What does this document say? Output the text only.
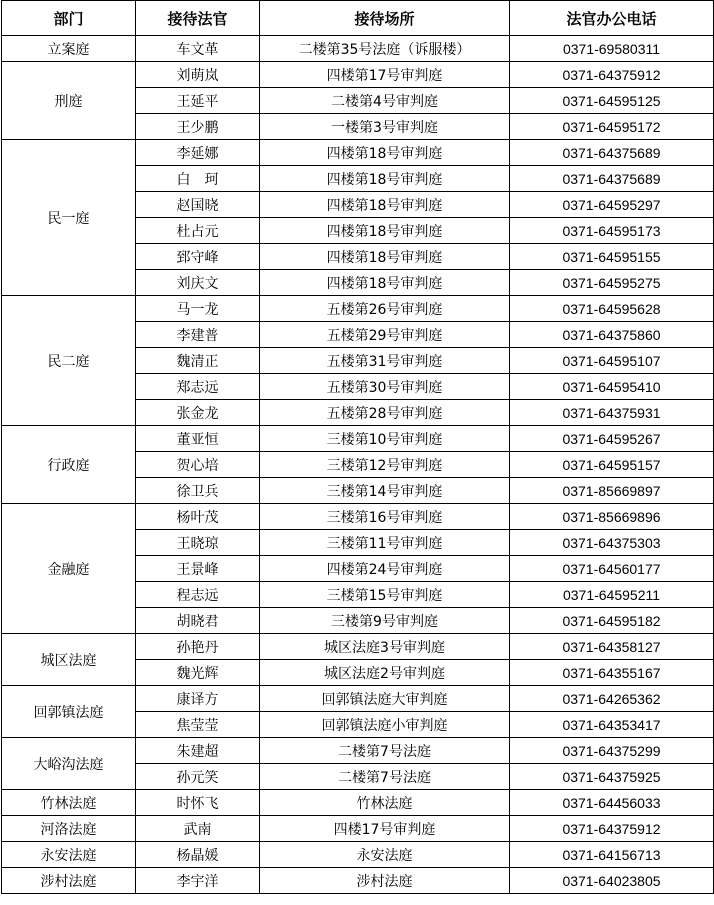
部门	接待法官	接待场所	法官办公电话
立案庭	车文革	二楼第35号法庭（诉服楼）	0371-69580311
刑庭	刘萌岚	四楼第17号审判庭	0371-64375912
	王延平	二楼第4号审判庭	0371-64595125
	王少鹏	一楼第3号审判庭	0371-64595172
民一庭	李延娜	四楼第18号审判庭	0371-64375689
	白　珂	四楼第18号审判庭	0371-64375689
	赵国晓	四楼第18号审判庭	0371-64595297
	杜占元	四楼第18号审判庭	0371-64595173
	郅守峰	四楼第18号审判庭	0371-64595155
	刘庆文	四楼第18号审判庭	0371-64595275
民二庭	马一龙	五楼第26号审判庭	0371-64595628
	李建普	五楼第29号审判庭	0371-64375860
	魏清正	五楼第31号审判庭	0371-64595107
	郑志远	五楼第30号审判庭	0371-64595410
	张金龙	五楼第28号审判庭	0371-64375931
行政庭	董亚恒	三楼第10号审判庭	0371-64595267
	贺心培	三楼第12号审判庭	0371-64595157
	徐卫兵	三楼第14号审判庭	0371-85669897
金融庭	杨叶茂	三楼第16号审判庭	0371-85669896
	王晓琼	三楼第11号审判庭	0371-64375303
	王景峰	四楼第24号审判庭	0371-64560177
	程志远	三楼第15号审判庭	0371-64595211
	胡晓君	三楼第9号审判庭	0371-64595182
城区法庭	孙艳丹	城区法庭3号审判庭	0371-64358127
	魏光辉	城区法庭2号审判庭	0371-64355167
回郭镇法庭	康译方	回郭镇法庭大审判庭	0371-64265362
	焦莹莹	回郭镇法庭小审判庭	0371-64353417
大峪沟法庭	朱建超	二楼第7号法庭	0371-64375299
	孙元笑	二楼第7号法庭	0371-64375925
竹林法庭	时怀飞	竹林法庭	0371-64456033
河洛法庭	武南	四楼17号审判庭	0371-64375912
永安法庭	杨晶媛	永安法庭	0371-64156713
涉村法庭	李宇洋	涉村法庭	0371-64023805
